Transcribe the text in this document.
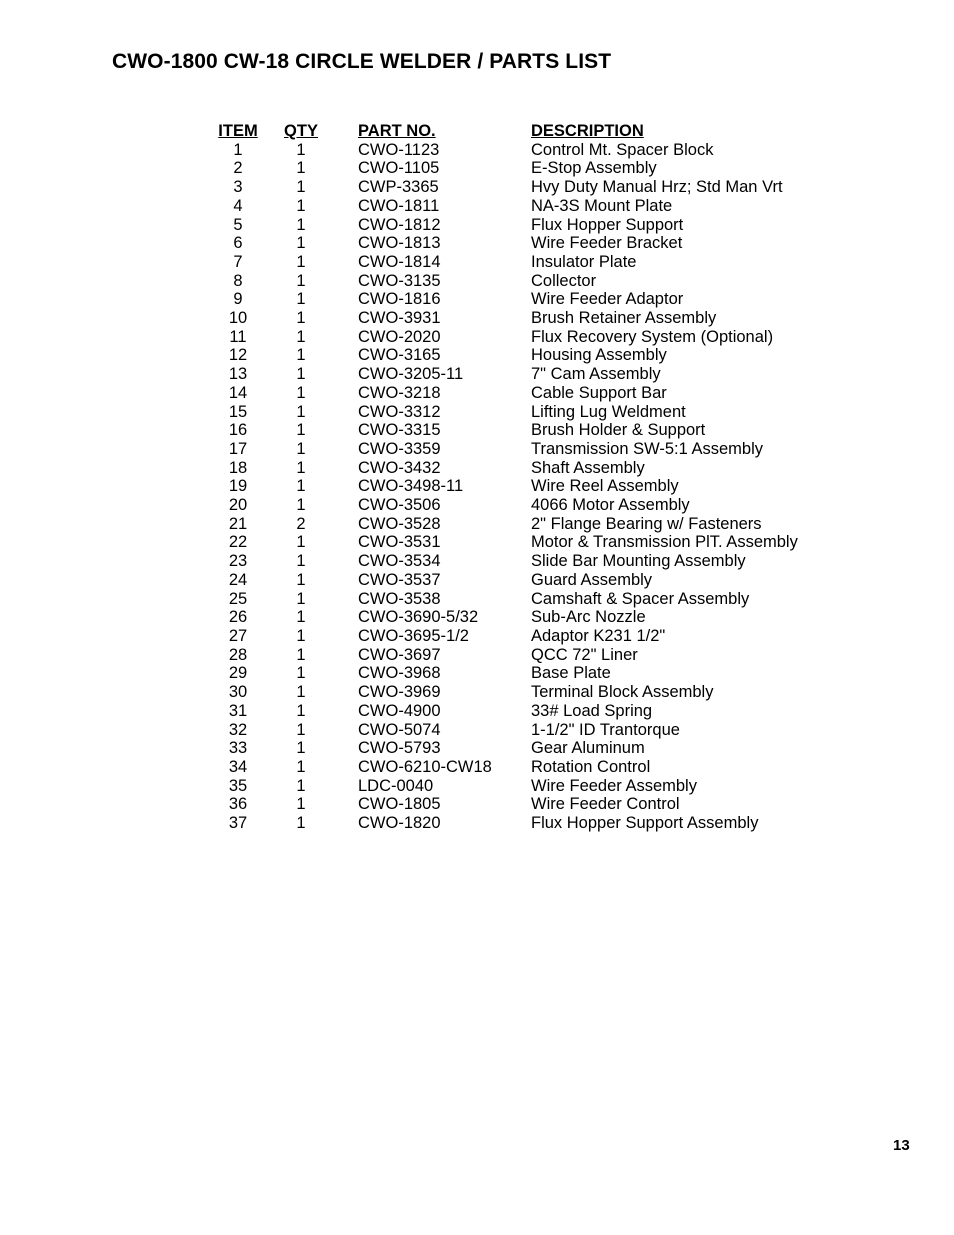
CWO-1800 CW-18 CIRCLE WELDER / PARTS LIST
ITEM	QTY	PART NO.	DESCRIPTION
1	1	CWO-1123	Control Mt. Spacer Block
2	1	CWO-1105	E-Stop Assembly
3	1	CWP-3365	Hvy Duty Manual Hrz; Std Man Vrt
4	1	CWO-1811	NA-3S Mount Plate
5	1	CWO-1812	Flux Hopper Support
6	1	CWO-1813	Wire Feeder Bracket
7	1	CWO-1814	Insulator Plate
8	1	CWO-3135	Collector
9	1	CWO-1816	Wire Feeder Adaptor
10	1	CWO-3931	Brush Retainer Assembly
11	1	CWO-2020	Flux Recovery System (Optional)
12	1	CWO-3165	Housing Assembly
13	1	CWO-3205-11	7" Cam Assembly
14	1	CWO-3218	Cable Support Bar
15	1	CWO-3312	Lifting Lug Weldment
16	1	CWO-3315	Brush Holder & Support
17	1	CWO-3359	Transmission SW-5:1 Assembly
18	1	CWO-3432	Shaft Assembly
19	1	CWO-3498-11	Wire Reel Assembly
20	1	CWO-3506	4066 Motor Assembly
21	2	CWO-3528	2" Flange Bearing w/ Fasteners
22	1	CWO-3531	Motor & Transmission PlT. Assembly
23	1	CWO-3534	Slide Bar Mounting Assembly
24	1	CWO-3537	Guard Assembly
25	1	CWO-3538	Camshaft & Spacer Assembly
26	1	CWO-3690-5/32	Sub-Arc Nozzle
27	1	CWO-3695-1/2	Adaptor K231 1/2"
28	1	CWO-3697	QCC 72" Liner
29	1	CWO-3968	Base Plate
30	1	CWO-3969	Terminal Block Assembly
31	1	CWO-4900	33# Load Spring
32	1	CWO-5074	1-1/2" ID Trantorque
33	1	CWO-5793	Gear Aluminum
34	1	CWO-6210-CW18	Rotation Control
35	1	LDC-0040	Wire Feeder Assembly
36	1	CWO-1805	Wire Feeder Control
37	1	CWO-1820	Flux Hopper Support Assembly
13
